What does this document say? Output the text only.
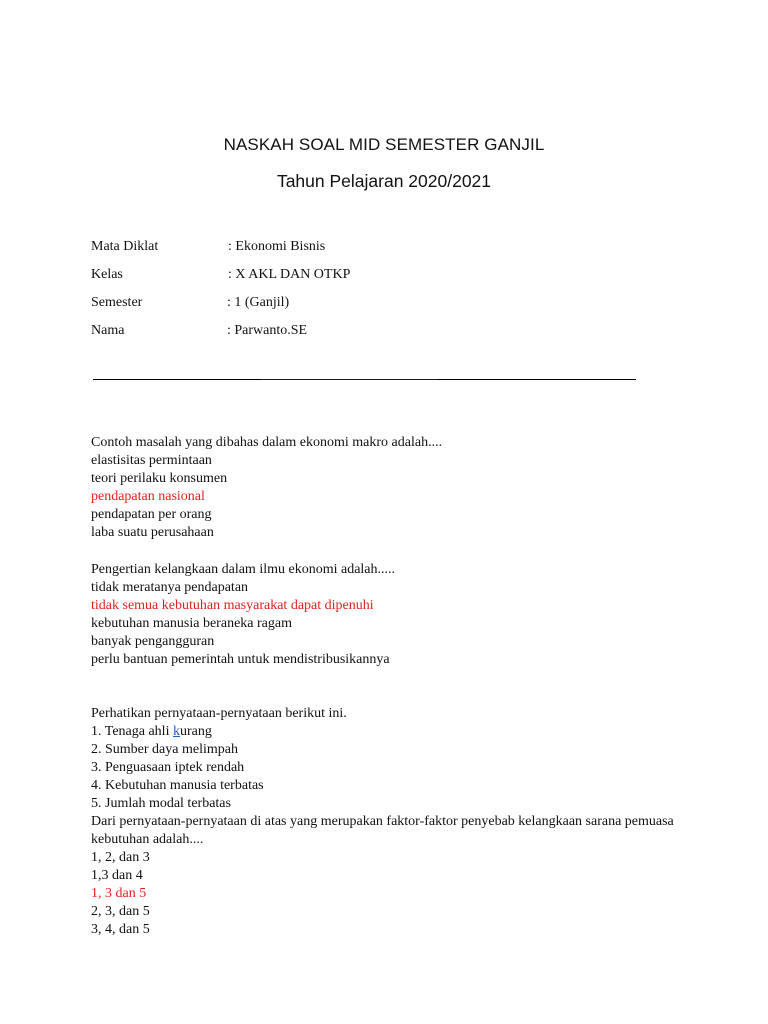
NASKAH SOAL MID SEMESTER GANJIL
Tahun Pelajaran 2020/2021
Mata Diklat	: Ekonomi Bisnis
Kelas	: X AKL DAN OTKP
Semester	: 1 (Ganjil)
Nama	: Parwanto.SE
Contoh masalah yang dibahas dalam ekonomi makro adalah....
elastisitas permintaan
teori perilaku konsumen
pendapatan nasional
pendapatan per orang
laba suatu perusahaan
Pengertian kelangkaan dalam ilmu ekonomi adalah.....
tidak meratanya pendapatan
tidak semua kebutuhan masyarakat dapat dipenuhi
kebutuhan manusia beraneka ragam
banyak pengangguran
perlu bantuan pemerintah untuk mendistribusikannya
Perhatikan pernyataan-pernyataan berikut ini.
1. Tenaga ahli kurang
2. Sumber daya melimpah
3. Penguasaan iptek rendah
4. Kebutuhan manusia terbatas
5. Jumlah modal terbatas
Dari pernyataan-pernyataan di atas yang merupakan faktor-faktor penyebab kelangkaan sarana pemuasa kebutuhan adalah....
1, 2, dan 3
1,3 dan 4
1, 3 dan 5
2, 3, dan 5
3, 4, dan 5
